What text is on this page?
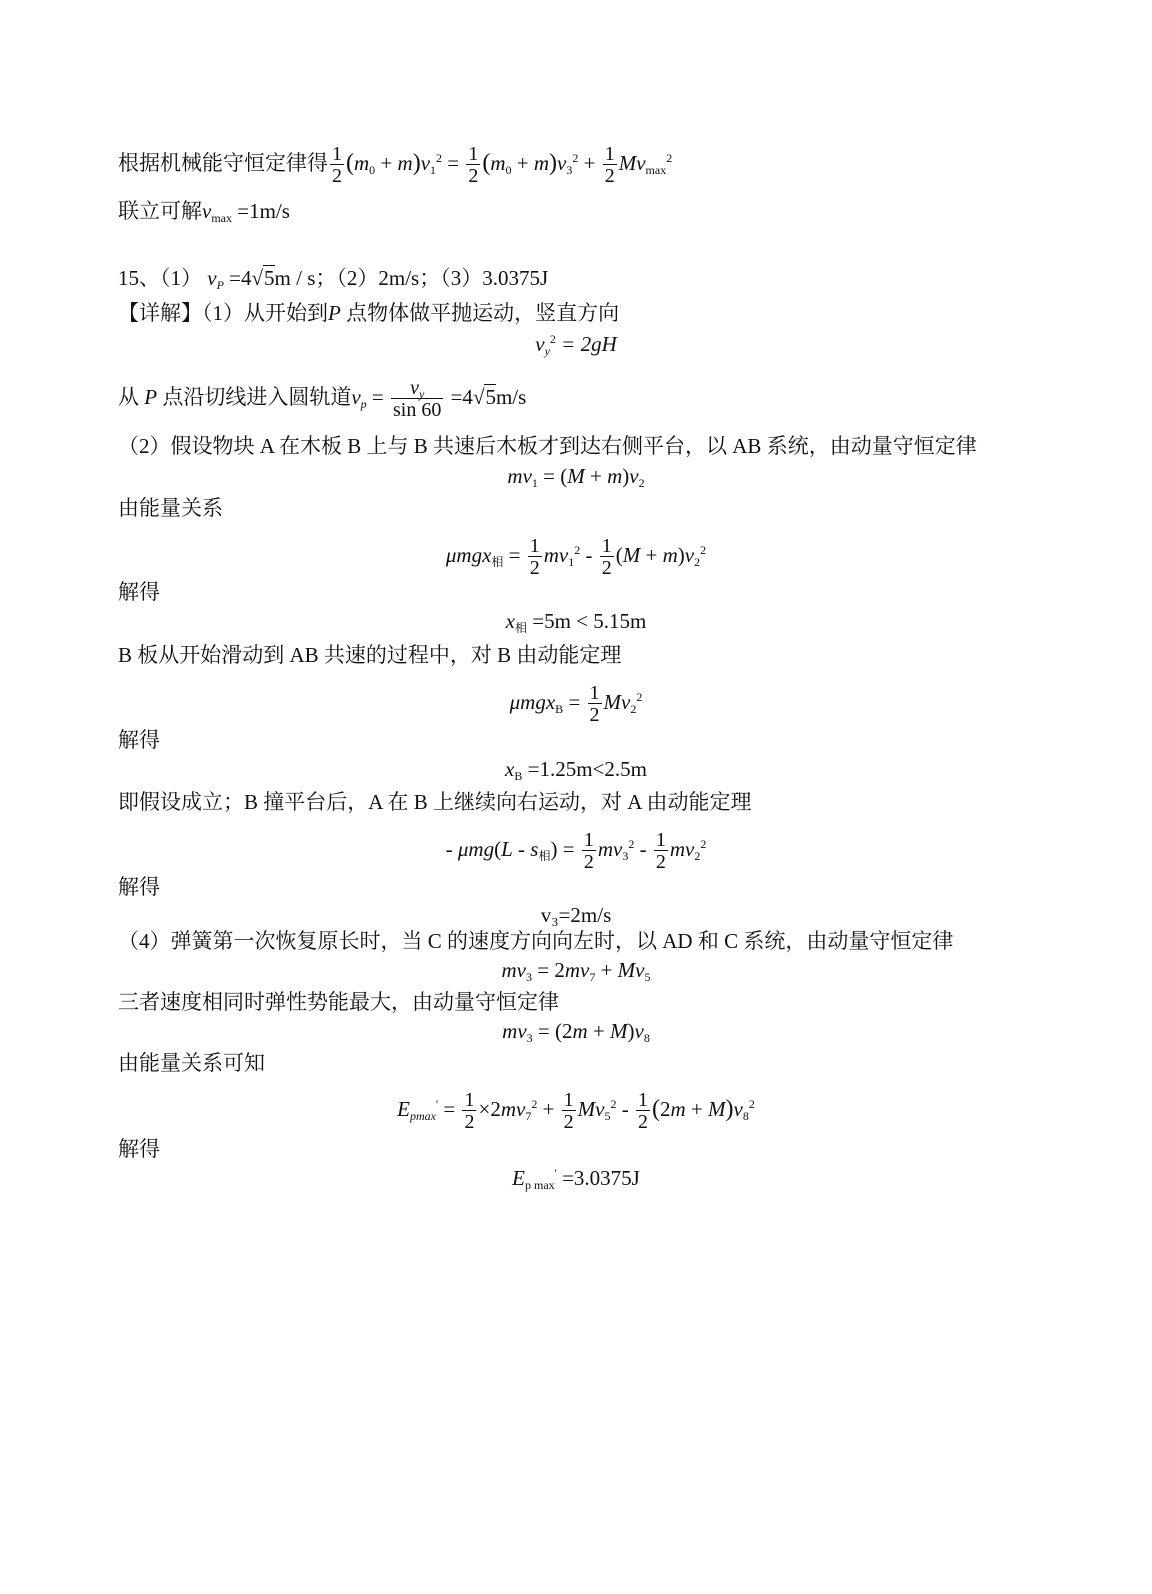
根据机械能守恒定律得 $\frac{1}{2} (m_0 + m)v_1^2 = \frac{1}{2} (m_0 + m)v_3^2 + \frac{1}{2} Mv_{max}^2$
联立可解$v_{max} =1m/s$
15、（1） $v_P =4√5m / s$；（2）2m/s；（3）3.0375J
【详解】（1）从开始到P 点物体做平抛运动，竖直方向
$v_y^2 = 2gH$
从 P 点沿切线进入圆轨道$v_p = \frac{v_y}{\sin 60} =4√5m/s$
（2）假设物块 A 在木板 B 上与 B 共速后木板才到达右侧平台，以 AB 系统，由动量守恒定律
$mv_1 = (M + m)v_2$
由能量关系
$\mu mgx_相 = \frac{1}{2} mv_1^2 - \frac{1}{2} (M + m)v_2^2$
解得
$x_相 =5m < 5.15m$
B 板从开始滑动到 AB 共速的过程中，对 B 由动能定理
$\mu mgx_B = \frac{1}{2} Mv_2^2$
解得
$x_B =1.25m<2.5m$
即假设成立；B 撞平台后，A 在 B 上继续向右运动，对 A 由动能定理
- $\mu mg(L - s_相) = \frac{1}{2} mv_3^2 - \frac{1}{2} mv_2^2$
解得
v₃=2m/s
（4）弹簧第一次恢复原长时，当 C 的速度方向向左时，以 AD 和 C 系统，由动量守恒定律
$mv_3 = 2mv_7 + Mv_5$
三者速度相同时弹性势能最大，由动量守恒定律
$mv_3 = (2m + M)v_8$
由能量关系可知
$E_{pmax}' = \frac{1}{2} \times 2mv_7^2 + \frac{1}{2} Mv_5^2 - \frac{1}{2} (2m + M)v_8^2$
解得
$E_{p max}' =3.0375J$
